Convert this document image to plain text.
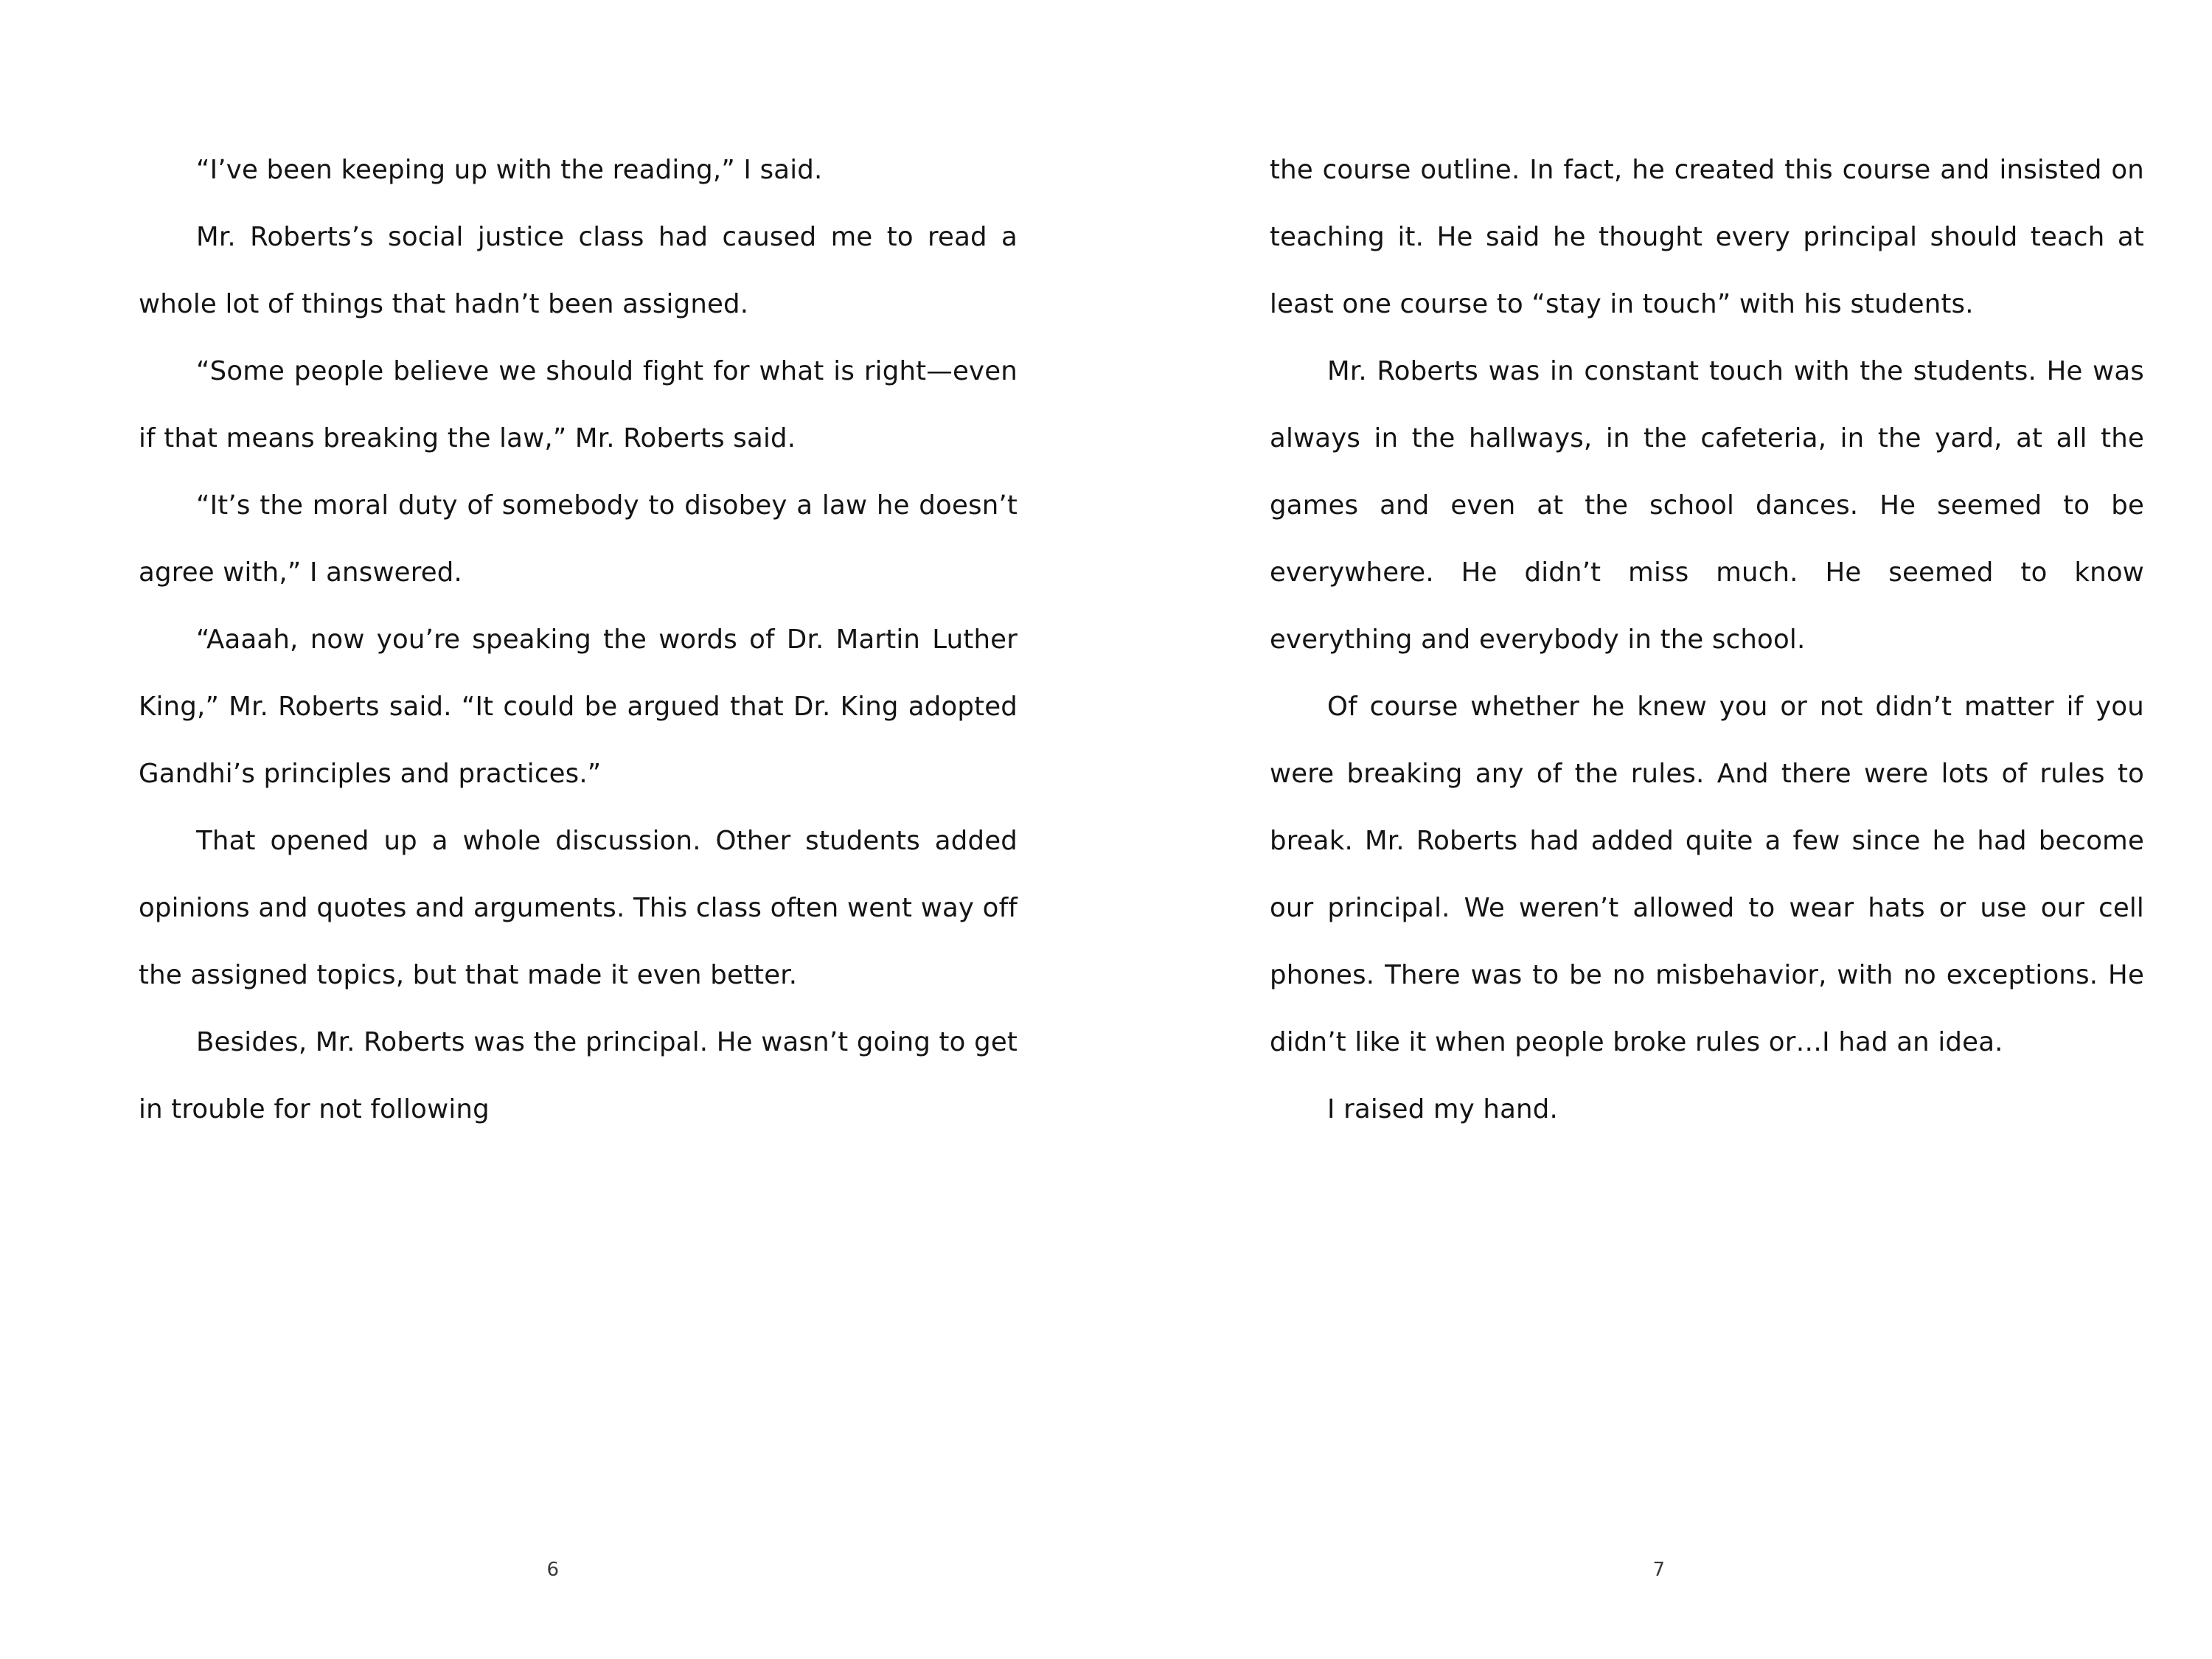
“I’ve been keeping up with the reading,” I said.

Mr. Roberts’s social justice class had caused me to read a whole lot of things that hadn’t been assigned.

“Some people believe we should fight for what is right—even if that means breaking the law,” Mr. Roberts said.

“It’s the moral duty of somebody to disobey a law he doesn’t agree with,” I answered.

“Aaaah, now you’re speaking the words of Dr. Martin Luther King,” Mr. Roberts said. “It could be argued that Dr. King adopted Gandhi’s principles and practices.”

That opened up a whole discussion. Other students added opinions and quotes and arguments. This class often went way off the assigned topics, but that made it even better.

Besides, Mr. Roberts was the principal. He wasn’t going to get in trouble for not following

6

the course outline. In fact, he created this course and insisted on teaching it. He said he thought every principal should teach at least one course to “stay in touch” with his students.

Mr. Roberts was in constant touch with the students. He was always in the hallways, in the cafeteria, in the yard, at all the games and even at the school dances. He seemed to be everywhere. He didn’t miss much. He seemed to know everything and everybody in the school.

Of course whether he knew you or not didn’t matter if you were breaking any of the rules. And there were lots of rules to break. Mr. Roberts had added quite a few since he had become our principal. We weren’t allowed to wear hats or use our cell phones. There was to be no misbehavior, with no exceptions. He didn’t like it when people broke rules or…I had an idea.

I raised my hand.

7
